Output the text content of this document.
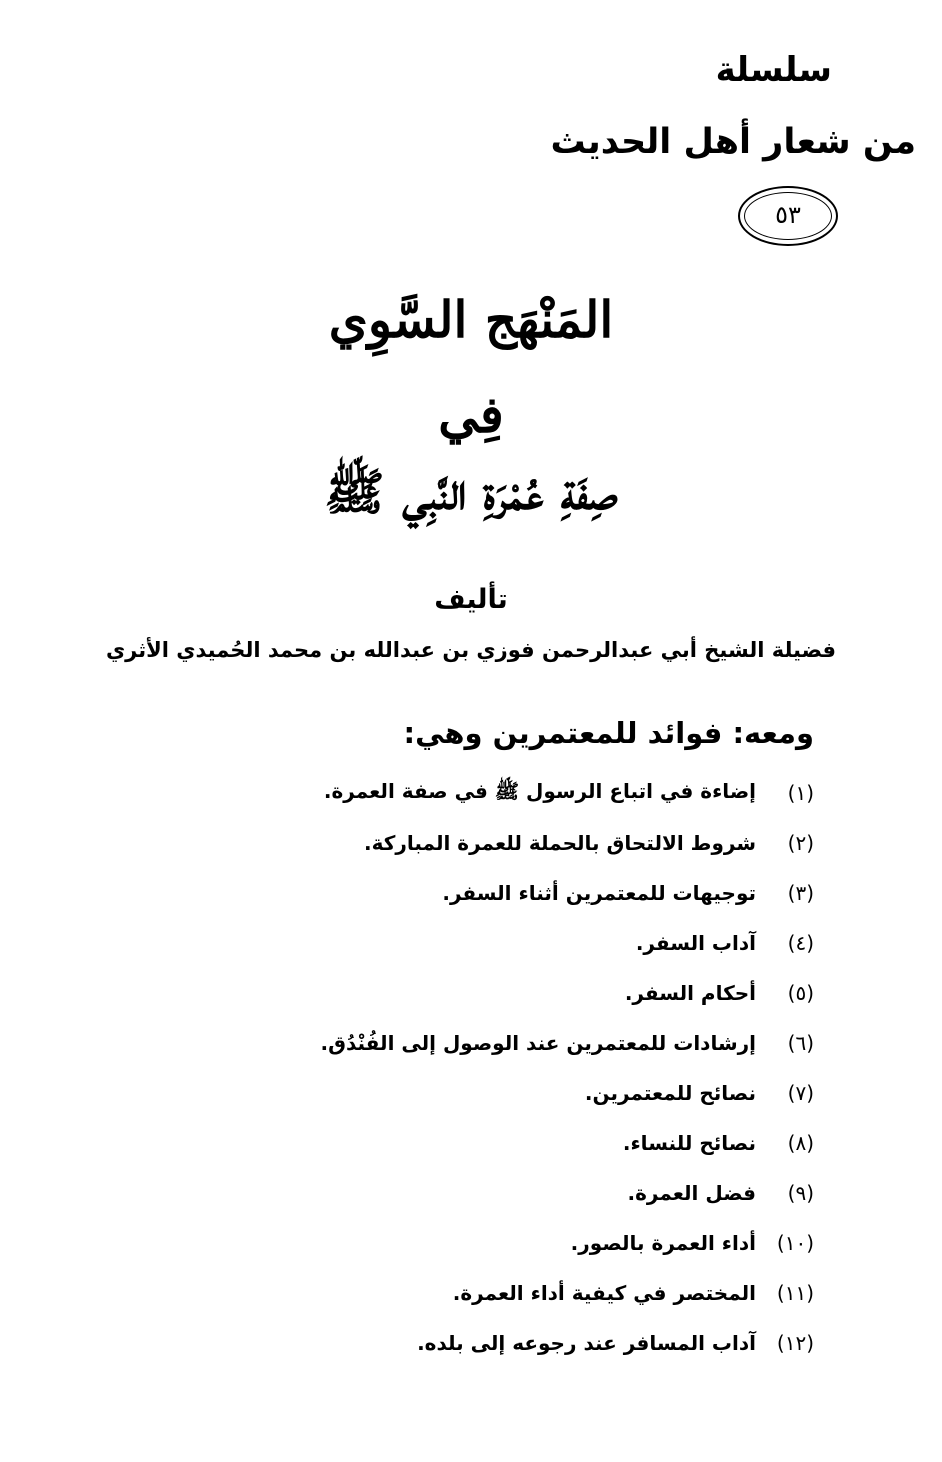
سلسلة
من شعار أهل الحديث
٥٣
المَنْهَج السَّوِي
فِي
صِفَةِ عُمْرَةِ النَّبِي ﷺ
تأليف
فضيلة الشيخ أبي عبدالرحمن فوزي بن عبدالله بن محمد الحُميدي الأثري
ومعه: فوائد للمعتمرين وهي:
(١)
إضاءة في اتباع الرسول ﷺ في صفة العمرة.
(٢)
شروط الالتحاق بالحملة للعمرة المباركة.
(٣)
توجيهات للمعتمرين أثناء السفر.
(٤)
آداب السفر.
(٥)
أحكام السفر.
(٦)
إرشادات للمعتمرين عند الوصول إلى الفُنْدُق.
(٧)
نصائح للمعتمرين.
(٨)
نصائح للنساء.
(٩)
فضل العمرة.
(١٠)
أداء العمرة بالصور.
(١١)
المختصر في كيفية أداء العمرة.
(١٢)
آداب المسافر عند رجوعه إلى بلده.
